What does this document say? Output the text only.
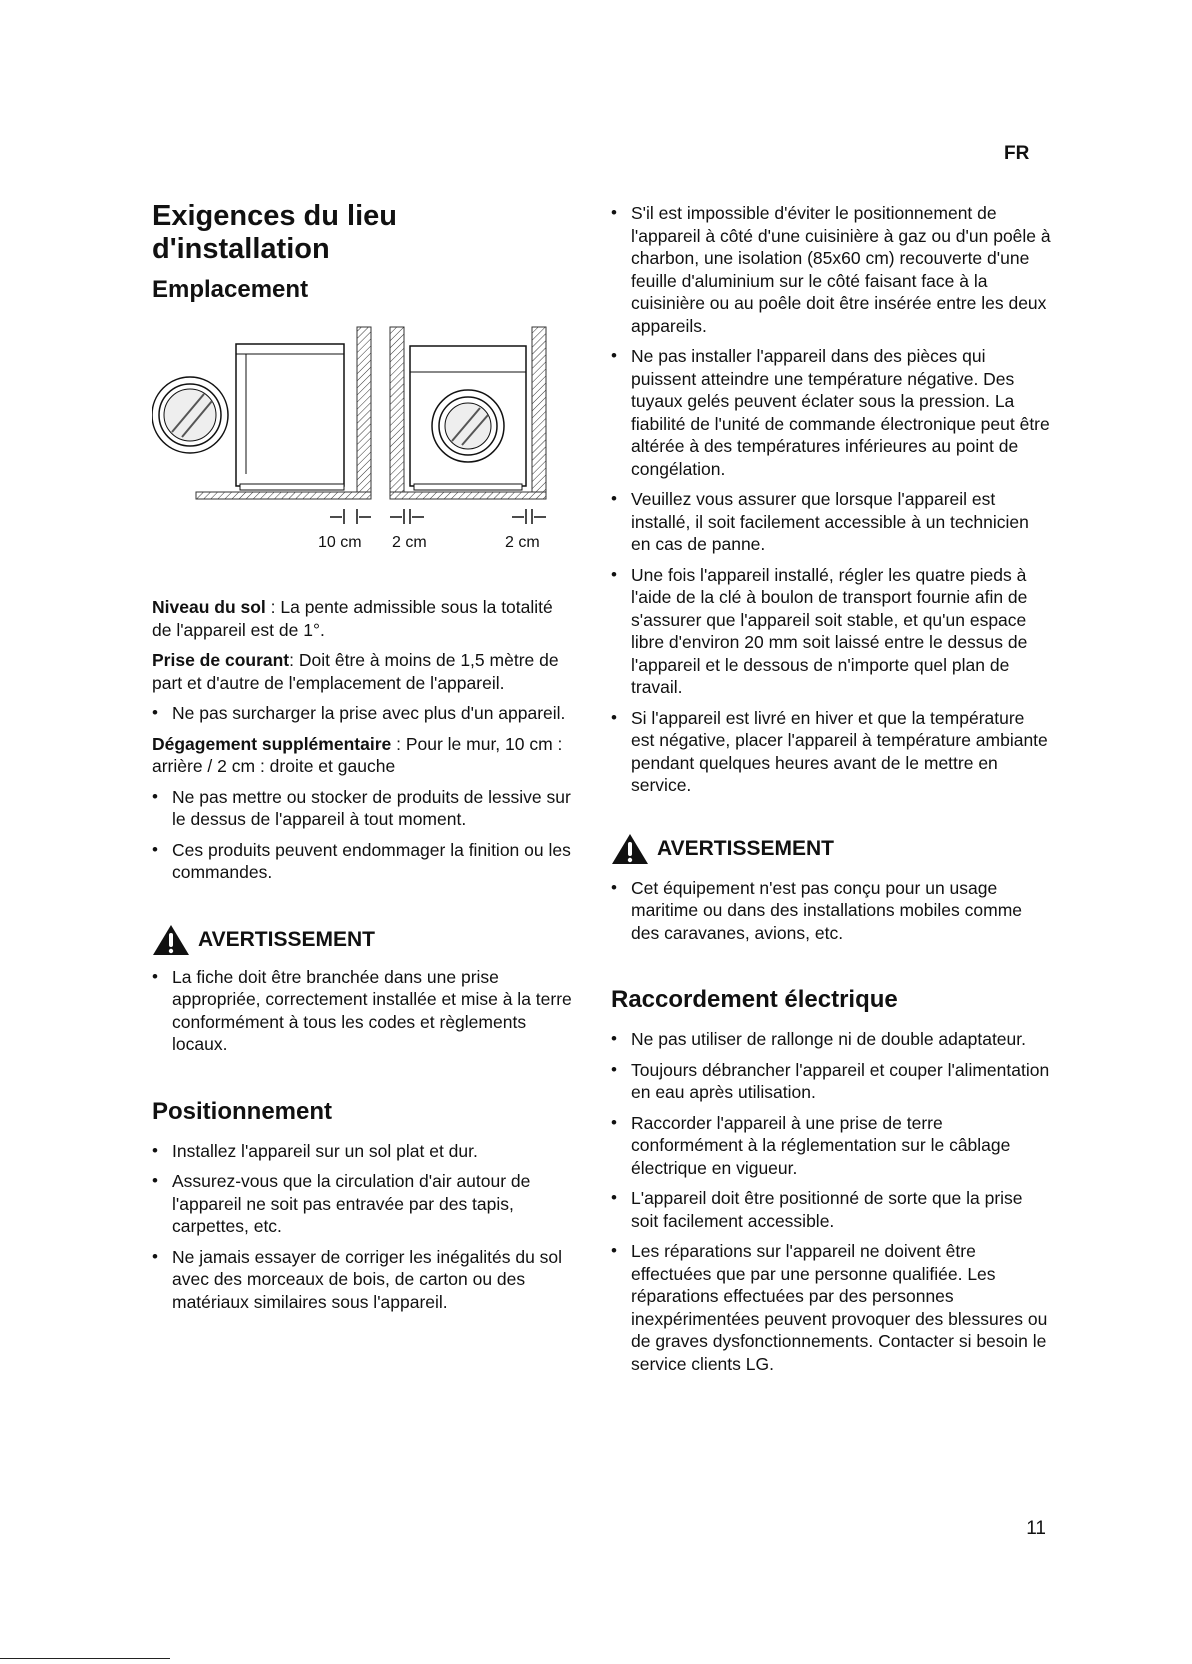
FR
Exigences du lieu d'installation
Emplacement
10 cm 2 cm	2 cm

Niveau du sol : La pente admissible sous la totalité de l'appareil est de 1°.

Prise de courant: Doit être à moins de 1,5 mètre de part et d'autre de l'emplacement de l'appareil.

• Ne pas surcharger la prise avec plus d'un appareil.

Dégagement supplémentaire : Pour le mur, 10 cm : arrière / 2 cm : droite et gauche

• Ne pas mettre ou stocker de produits de lessive sur le dessus de l'appareil à tout moment.
• Ces produits peuvent endommager la finition ou les commandes.
AVERTISSEMENT
• La fiche doit être branchée dans une prise appropriée, correctement installée et mise à la terre conformément à tous les codes et règlements locaux.
Positionnement
• Installez l'appareil sur un sol plat et dur.
• Assurez-vous que la circulation d'air autour de l'appareil ne soit pas entravée par des tapis, carpettes, etc.
• Ne jamais essayer de corriger les inégalités du sol avec des morceaux de bois, de carton ou des matériaux similaires sous l'appareil.
• S'il est impossible d'éviter le positionnement de l'appareil à côté d'une cuisinière à gaz ou d'un poêle à charbon, une isolation (85x60 cm) recouverte d'une feuille d'aluminium sur le côté faisant face à la cuisinière ou au poêle doit être insérée entre les deux appareils.
• Ne pas installer l'appareil dans des pièces qui puissent atteindre une température négative. Des tuyaux gelés peuvent éclater sous la pression. La fiabilité de l'unité de commande électronique peut être altérée à des températures inférieures au point de congélation.
• Veuillez vous assurer que lorsque l'appareil est installé, il soit facilement accessible à un technicien en cas de panne.
• Une fois l'appareil installé, régler les quatre pieds à l'aide de la clé à boulon de transport fournie afin de s'assurer que l'appareil soit stable, et qu'un espace libre d'environ 20 mm soit laissé entre le dessus de l'appareil et le dessous de n'importe quel plan de travail.
• Si l'appareil est livré en hiver et que la température est négative, placer l'appareil à température ambiante pendant quelques heures avant de le mettre en service.
AVERTISSEMENT
• Cet équipement n'est pas conçu pour un usage maritime ou dans des installations mobiles comme des caravanes, avions, etc.
Raccordement électrique
• Ne pas utiliser de rallonge ni de double adaptateur.
• Toujours débrancher l'appareil et couper l'alimentation en eau après utilisation.
• Raccorder l'appareil à une prise de terre conformément à la réglementation sur le câblage électrique en vigueur.
• L'appareil doit être positionné de sorte que la prise soit facilement accessible.
• Les réparations sur l'appareil ne doivent être effectuées que par une personne qualifiée. Les réparations effectuées par des personnes inexpérimentées peuvent provoquer des blessures ou de graves dysfonctionnements. Contacter si besoin le service clients LG.
11
